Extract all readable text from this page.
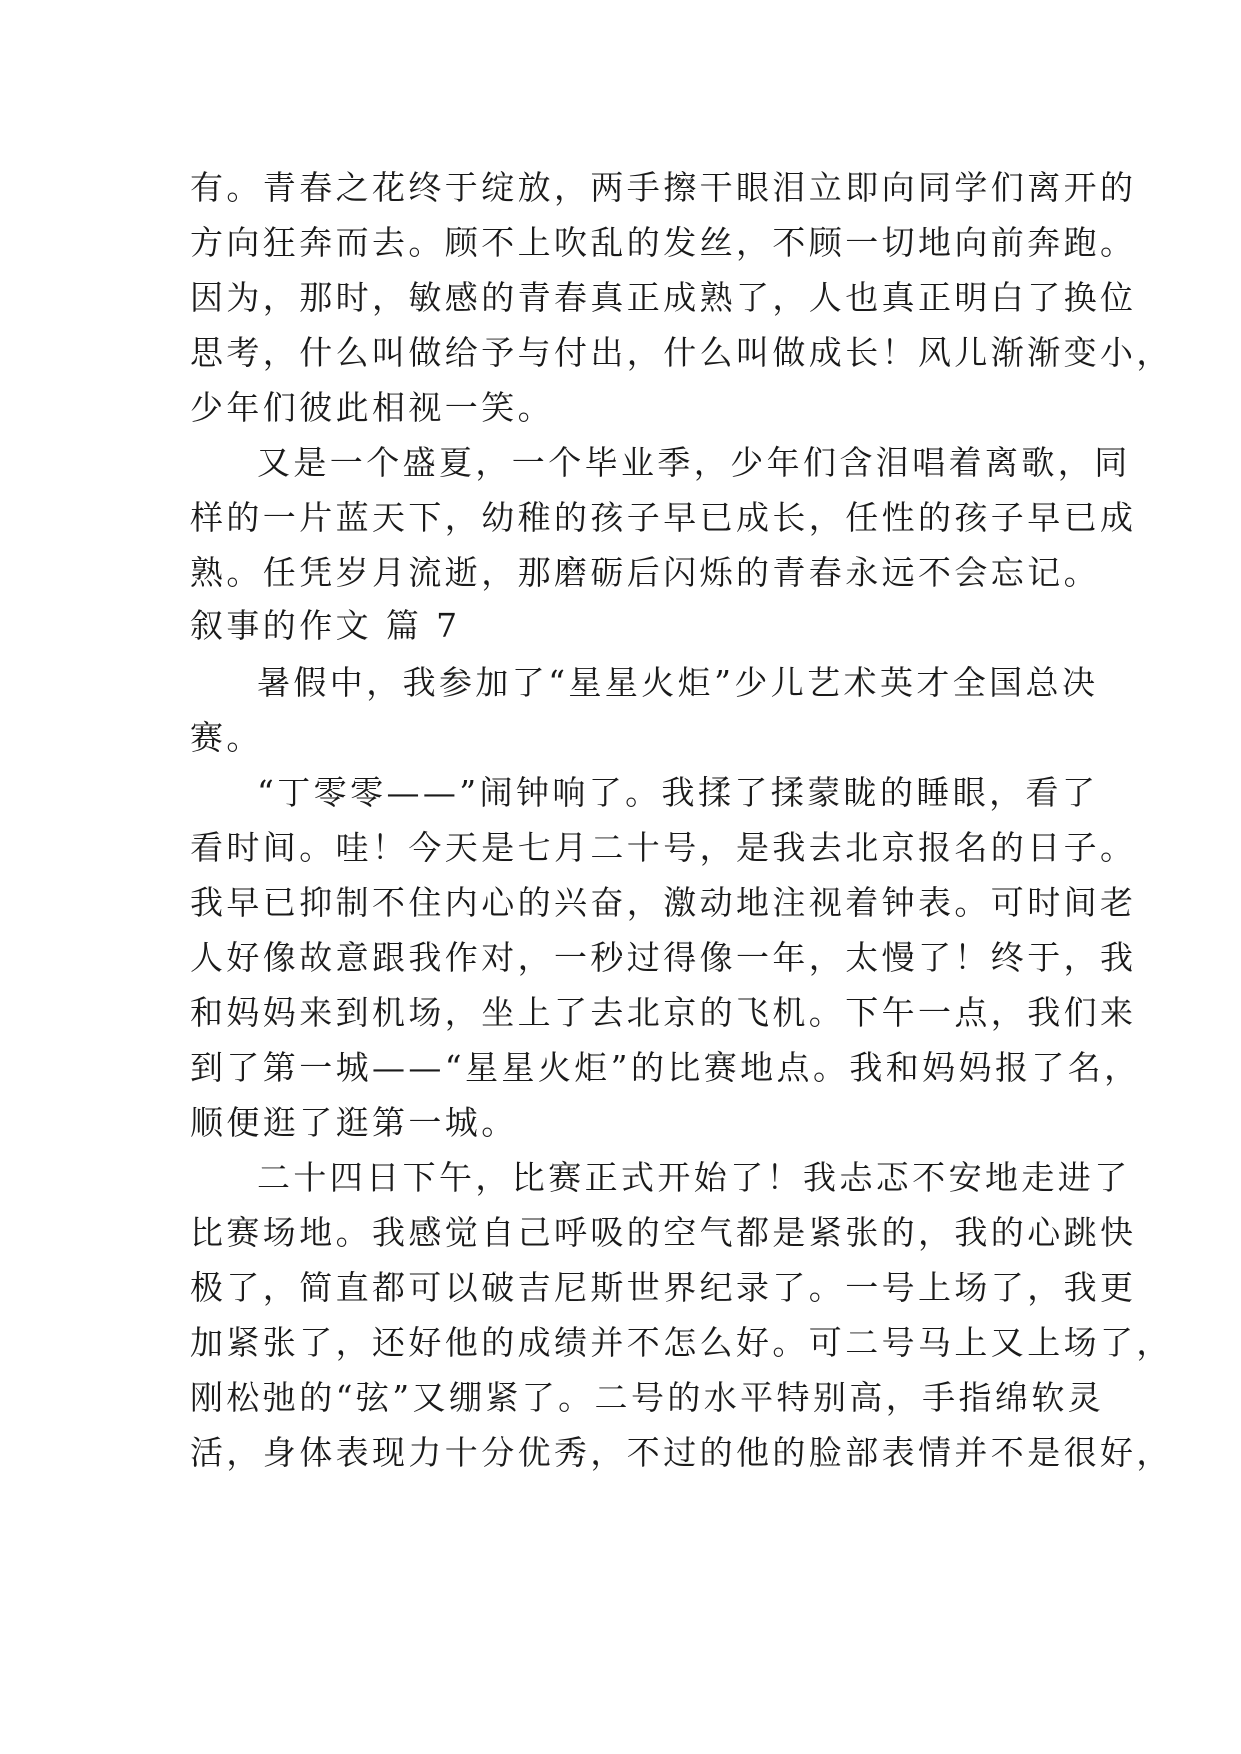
有。青春之花终于绽放，两手擦干眼泪立即向同学们离开的
方向狂奔而去。顾不上吹乱的发丝，不顾一切地向前奔跑。
因为，那时，敏感的青春真正成熟了，人也真正明白了换位
思考，什么叫做给予与付出，什么叫做成长！风儿渐渐变小，
少年们彼此相视一笑。
又是一个盛夏，一个毕业季，少年们含泪唱着离歌，同
样的一片蓝天下，幼稚的孩子早已成长，任性的孩子早已成
熟。任凭岁月流逝，那磨砺后闪烁的青春永远不会忘记。
叙事的作文 篇 7
暑假中，我参加了“星星火炬”少儿艺术英才全国总决
赛。
“丁零零——”闹钟响了。我揉了揉蒙眬的睡眼，看了
看时间。哇！今天是七月二十号，是我去北京报名的日子。
我早已抑制不住内心的兴奋，激动地注视着钟表。可时间老
人好像故意跟我作对，一秒过得像一年，太慢了！终于，我
和妈妈来到机场，坐上了去北京的飞机。下午一点，我们来
到了第一城——“星星火炬”的比赛地点。我和妈妈报了名，
顺便逛了逛第一城。
二十四日下午，比赛正式开始了！我忐忑不安地走进了
比赛场地。我感觉自己呼吸的空气都是紧张的，我的心跳快
极了，简直都可以破吉尼斯世界纪录了。一号上场了，我更
加紧张了，还好他的成绩并不怎么好。可二号马上又上场了，
刚松弛的“弦”又绷紧了。二号的水平特别高，手指绵软灵
活，身体表现力十分优秀，不过的他的脸部表情并不是很好，
